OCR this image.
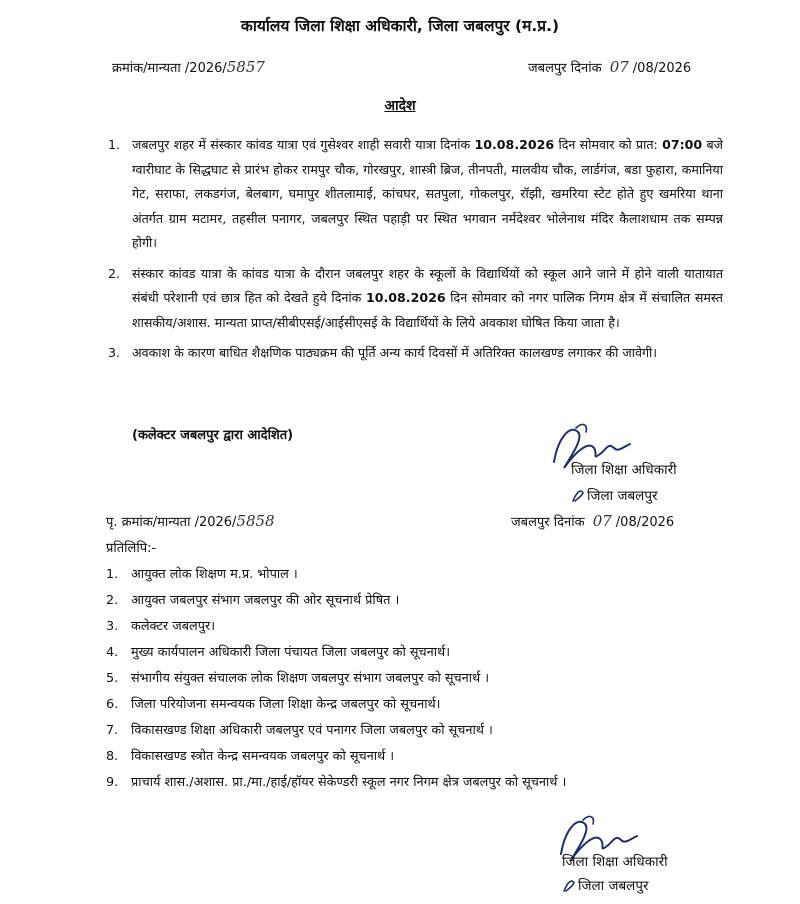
कार्यालय जिला शिक्षा अधिकारी, जिला जबलपुर (म.प्र.)
क्रमांक/मान्यता /2026/5857	जबलपुर दिनांक 07 /08/2026
आदेश
1. जबलपुर शहर में संस्कार कांवड यात्रा एवं गुसेश्वर शाही सवारी यात्रा दिनांक 10.08.2026 दिन सोमवार को प्रात: 07:00 बजे ग्वारीघाट के सिद्धघाट से प्रारंभ होकर रामपुर चौक, गोरखपुर, शास्त्री ब्रिज, तीनपती, मालवीय चौक, लार्डगंज, बडा फुहारा, कमानिया गेट, सराफा, लकडगंज, बेलबाग, घमापुर शीतलामाई, कांचघर, सतपुला, गोकलपुर, रॉझी, खमरिया स्टेट होते हुए खमरिया थाना अंतर्गत ग्राम मटामर, तहसील पनागर, जबलपुर स्थित पहाड़ी पर स्थित भगवान नर्मदेश्वर भोलेनाथ मंदिर कैलाशधाम तक सम्पन्न होगी।
2. संस्कार कांवड यात्रा के कांवड यात्रा के दौरान जबलपुर शहर के स्कूलों के विद्यार्थियों को स्कूल आने जाने में होने वाली यातायात संबंधी परेशानी एवं छात्र हित को देखते हुये दिनांक 10.08.2026 दिन सोमवार को नगर पालिक निगम क्षेत्र में संचालित समस्त शासकीय/अशास. मान्यता प्राप्त/सीबीएसई/आईसीएसई के विद्यार्थियों के लिये अवकाश घोषित किया जाता है।
3. अवकाश के कारण बाधित शैक्षणिक पाठ्यक्रम की पूर्ति अन्य कार्य दिवसों में अतिरिक्त कालखण्ड लगाकर की जावेगी।
(कलेक्टर जबलपुर द्वारा आदेशित)
जिला शिक्षा अधिकारी
जिला जबलपुर
पृ. क्रमांक/मान्यता /2026/5858	जबलपुर दिनांक 07 /08/2026
प्रतिलिपि:-
1. आयुक्त लोक शिक्षण म.प्र. भोपाल ।
2. आयुक्त जबलपुर संभाग जबलपुर की ओर सूचनार्थ प्रेषित ।
3. कलेक्टर जबलपुर।
4. मुख्य कार्यपालन अधिकारी जिला पंचायत जिला जबलपुर को सूचनार्थ।
5. संभागीय संयुक्त संचालक लोक शिक्षण जबलपुर संभाग जबलपुर को सूचनार्थ ।
6. जिला परियोजना समन्वयक जिला शिक्षा केन्द्र जबलपुर को सूचनार्थ।
7. विकासखण्ड शिक्षा अधिकारी जबलपुर एवं पनागर जिला जबलपुर को सूचनार्थ ।
8. विकासखण्ड स्त्रोत केन्द्र समन्वयक जबलपुर को सूचनार्थ ।
9. प्राचार्य शास./अशास. प्रा./मा./हाई/हॉयर सेकेण्डरी स्कूल नगर निगम क्षेत्र जबलपुर को सूचनार्थ ।
जिला शिक्षा अधिकारी
जिला जबलपुर
